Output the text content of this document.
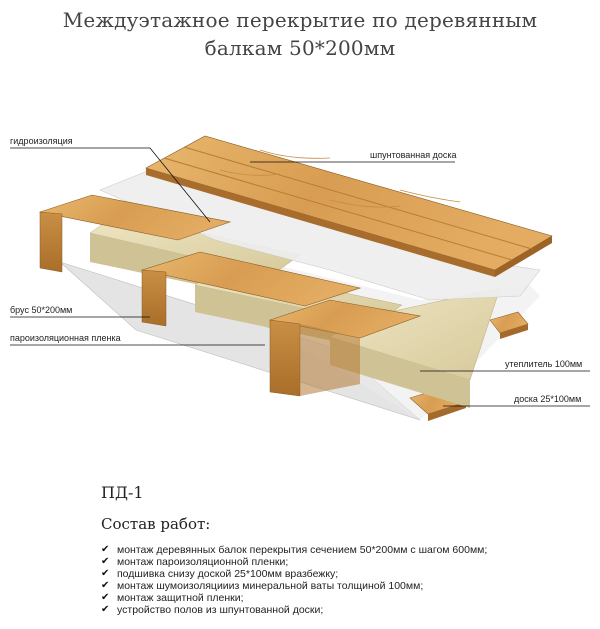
Междуэтажное перекрытие по деревянным
балкам 50*200мм
гидроизоляция
шпунтованная доска
брус 50*200мм
пароизоляционная пленка
утеплитель 100мм
доска 25*100мм
ПД-1
Состав работ:
✔ монтаж деревянных балок перекрытия сечением 50*200мм с шагом 600мм;
✔ монтаж пароизоляционной пленки;
✔ подшивка снизу доской 25*100мм вразбежку;
✔ монтаж шумоизоляциииз минеральной ваты толщиной 100мм;
✔ монтаж защитной пленки;
✔ устройство полов из шпунтованной доски;
